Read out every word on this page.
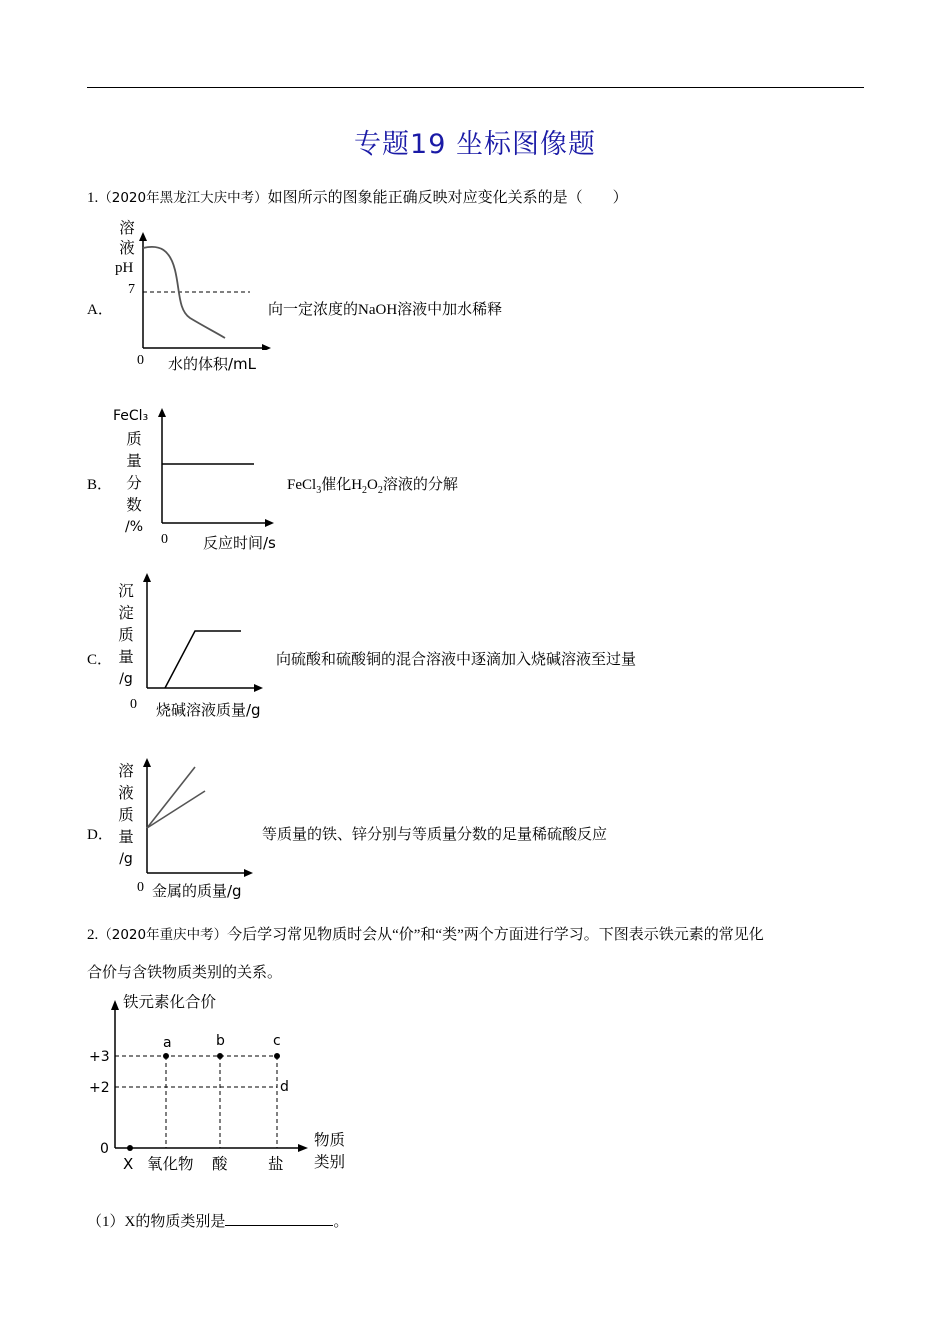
专题19 坐标图像题
1.（2020年黑龙江大庆中考）如图所示的图象能正确反映对应变化关系的是（　　）
A．
溶
液
pH
7
0 水的体积/mL
向一定浓度的NaOH溶液中加水稀释
B．
FeCl₃
质
量
分
数
/%
0 反应时间/s
FeCl$_3$催化$H_2O_2$溶液的分解
C．
沉
淀
质
量
/g
0 烧碱溶液质量/g
向硫酸和硫酸铜的混合溶液中逐滴加入烧碱溶液至过量
D．
溶
液
质
量
/g
0 金属的质量/g
等质量的铁、锌分别与等质量分数的足量稀硫酸反应
2.（2020年重庆中考）今后学习常见物质时会从“价”和“类”两个方面进行学习。下图表示铁元素的常见化
合价与含铁物质类别的关系。
铁元素化合价
+3
+2
0
a	b	c
d
X 氧化物 酸	盐
物质
类别
（1）X的物质类别是	。
